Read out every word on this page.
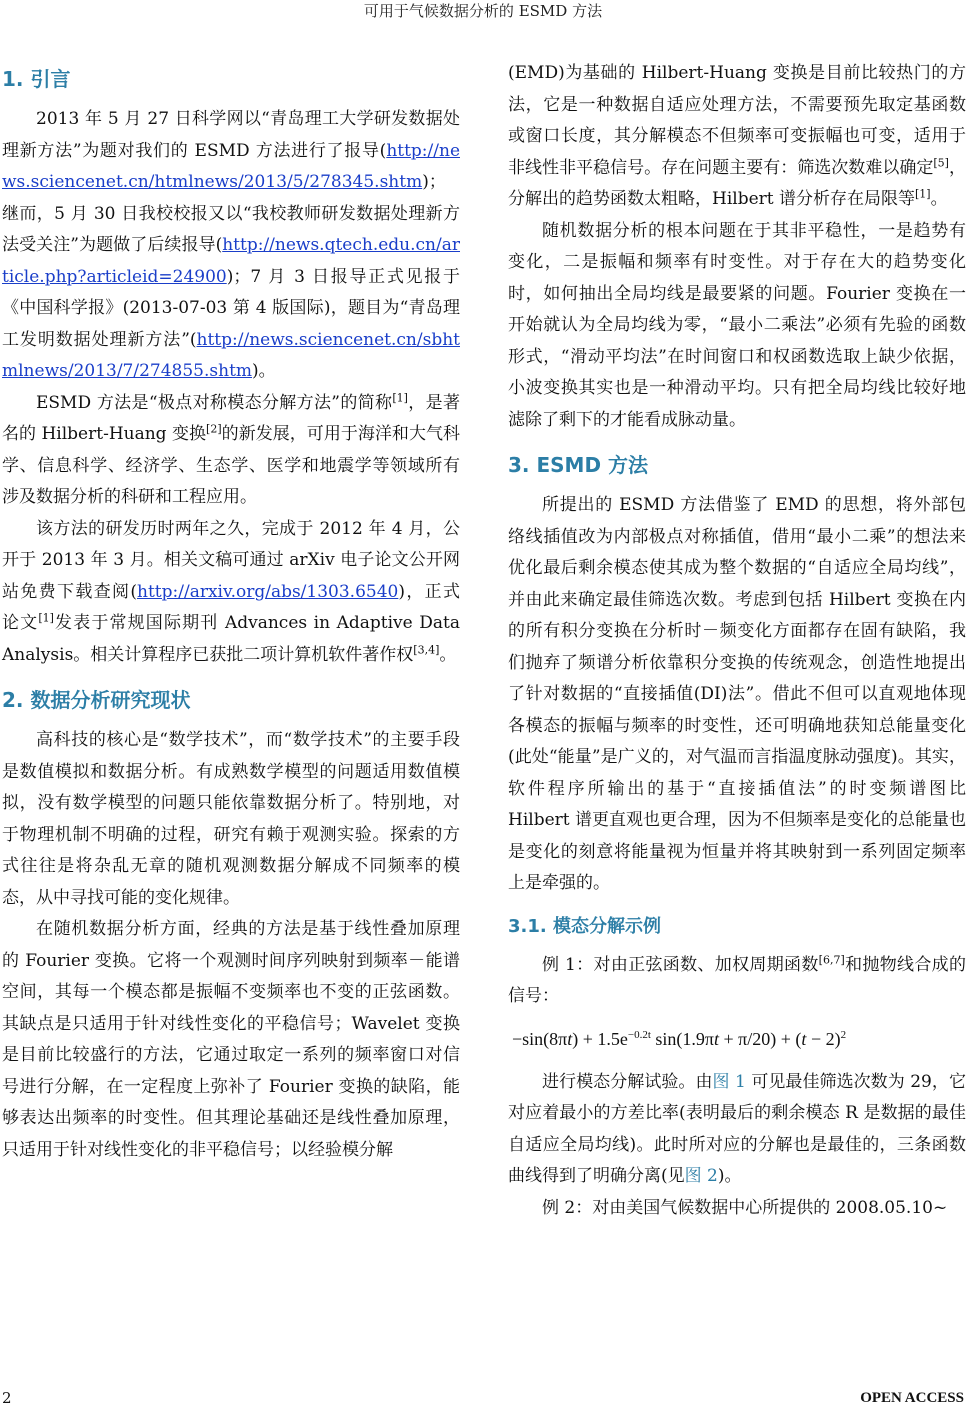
可用于气候数据分析的 ESMD 方法
1. 引言

2013 年 5 月 27 日科学网以“青岛理工大学研发数据处理新方法”为题对我们的 ESMD 方法进行了报导(http://news.sciencenet.cn/htmlnews/2013/5/278345.shtm)；继而，5 月 30 日我校校报又以“我校教师研发数据处理新方法受关注”为题做了后续报导(http://news.qtech.edu.cn/article.php?articleid=24900)；7 月 3 日报导正式见报于《中国科学报》(2013-07-03 第 4 版国际)，题目为“青岛理工发明数据处理新方法”(http://news.sciencenet.cn/sbhtmlnews/2013/7/274855.shtm)。

ESMD 方法是“极点对称模态分解方法”的简称[1]，是著名的 Hilbert-Huang 变换[2]的新发展，可用于海洋和大气科学、信息科学、经济学、生态学、医学和地震学等领域所有涉及数据分析的科研和工程应用。

该方法的研发历时两年之久，完成于 2012 年 4 月，公开于 2013 年 3 月。相关文稿可通过 arXiv 电子论文公开网站免费下载查阅(http://arxiv.org/abs/1303.6540)，正式论文[1]发表于常规国际期刊 Advances in Adaptive Data Analysis。相关计算程序已获批二项计算机软件著作权[3,4]。

2. 数据分析研究现状

高科技的核心是“数学技术”，而“数学技术”的主要手段是数值模拟和数据分析。有成熟数学模型的问题适用数值模拟，没有数学模型的问题只能依靠数据分析了。特别地，对于物理机制不明确的过程，研究有赖于观测实验。探索的方式往往是将杂乱无章的随机观测数据分解成不同频率的模态，从中寻找可能的变化规律。

在随机数据分析方面，经典的方法是基于线性叠加原理的 Fourier 变换。它将一个观测时间序列映射到频率－能谱空间，其每一个模态都是振幅不变频率也不变的正弦函数。其缺点是只适用于针对线性变化的平稳信号；Wavelet 变换是目前比较盛行的方法，它通过取定一系列的频率窗口对信号进行分解，在一定程度上弥补了 Fourier 变换的缺陷，能够表达出频率的时变性。但其理论基础还是线性叠加原理，只适用于针对线性变化的非平稳信号；以经验模分解

(EMD)为基础的 Hilbert-Huang 变换是目前比较热门的方法，它是一种数据自适应处理方法，不需要预先取定基函数或窗口长度，其分解模态不但频率可变振幅也可变，适用于非线性非平稳信号。存在问题主要有：筛选次数难以确定[5]，分解出的趋势函数太粗略，Hilbert 谱分析存在局限等[1]。

随机数据分析的根本问题在于其非平稳性，一是趋势有变化，二是振幅和频率有时变性。对于存在大的趋势变化时，如何抽出全局均线是最要紧的问题。Fourier 变换在一开始就认为全局均线为零，“最小二乘法”必须有先验的函数形式，“滑动平均法”在时间窗口和权函数选取上缺少依据，小波变换其实也是一种滑动平均。只有把全局均线比较好地滤除了剩下的才能看成脉动量。

3. ESMD 方法

所提出的 ESMD 方法借鉴了 EMD 的思想，将外部包络线插值改为内部极点对称插值，借用“最小二乘”的想法来优化最后剩余模态使其成为整个数据的“自适应全局均线”，并由此来确定最佳筛选次数。考虑到包括 Hilbert 变换在内的所有积分变换在分析时－频变化方面都存在固有缺陷，我们抛弃了频谱分析依靠积分变换的传统观念，创造性地提出了针对数据的“直接插值(DI)法”。借此不但可以直观地体现各模态的振幅与频率的时变性，还可明确地获知总能量变化(此处“能量”是广义的，对气温而言指温度脉动强度)。其实，软件程序所输出的基于“直接插值法”的时变频谱图比 Hilbert 谱更直观也更合理，因为不但频率是变化的总能量也是变化的刻意将能量视为恒量并将其映射到一系列固定频率上是牵强的。

3.1. 模态分解示例

例 1：对由正弦函数、加权周期函数[6,7]和抛物线合成的信号：

$-\sin(8\pi t) + 1.5e^{-0.2t}$ $\sin(1.9\pi t + \pi/20) + (t - 2)^2$

进行模态分解试验。由图 1 可见最佳筛选次数为 29，它对应着最小的方差比率(表明最后的剩余模态 R 是数据的最佳自适应全局均线)。此时所对应的分解也是最佳的，三条函数曲线得到了明确分离(见图 2)。

例 2：对由美国气候数据中心所提供的 2008.05.10~

2	OPEN ACCESS
